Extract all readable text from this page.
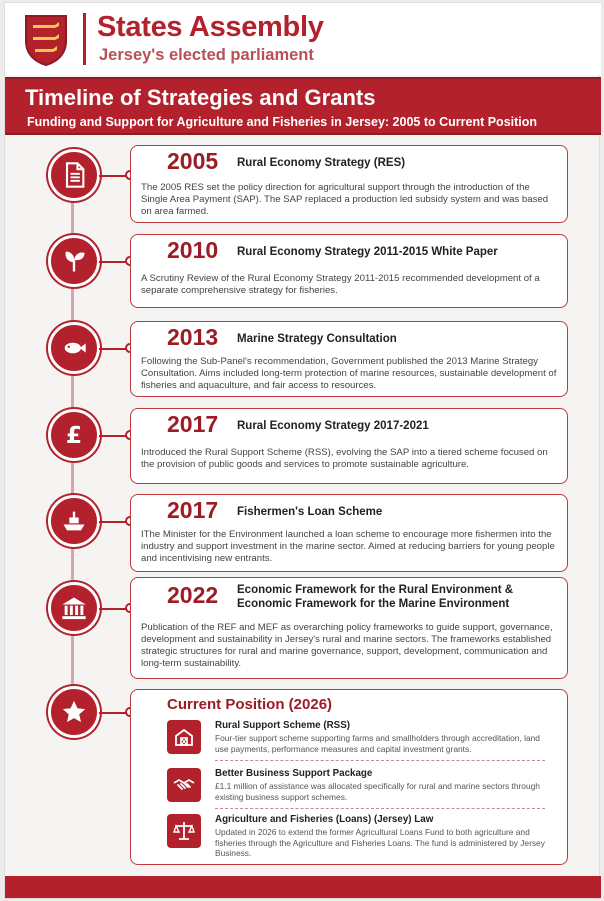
States Assembly
Jersey's elected parliament
Timeline of Strategies and Grants
Funding and Support for Agriculture and Fisheries in Jersey: 2005 to Current Position
2005 Rural Economy Strategy (RES)
The 2005 RES set the policy direction for agricultural support through the introduction of the Single Area Payment (SAP). The SAP replaced a production led subsidy system and was based on area farmed.
2010 Rural Economy Strategy 2011-2015 White Paper
A Scrutiny Review of the Rural Economy Strategy 2011-2015 recommended development of a separate comprehensive strategy for fisheries.
2013 Marine Strategy Consultation
Following the Sub-Panel's recommendation, Government published the 2013 Marine Strategy Consultation. Aims included long-term protection of marine resources, sustainable development of fisheries and aquaculture, and fair access to resources.
£	2017 Rural Economy Strategy 2017-2021
Introduced the Rural Support Scheme (RSS), evolving the SAP into a tiered scheme focused on the provision of public goods and services to promote sustainable agriculture.
2017 Fishermen's Loan Scheme
IThe Minister for the Environment launched a loan scheme to encourage more fishermen into the industry and support investment in the marine sector. Aimed at reducing barriers for young people and incentivising new entrants.
2022 Economic Framework for the Rural Environment & Economic Framework for the Marine Environment
Publication of the REF and MEF as overarching policy frameworks to guide support, governance, development and sustainability in Jersey's rural and marine sectors. The frameworks established strategic structures for rural and marine governance, support, development, communication and long-term sustainability.
Current Position (2026)
Rural Support Scheme (RSS)
Four-tier support scheme supporting farms and smallholders through accreditation, land use payments, performance measures and capital investment grants.
Better Business Support Package
£1.1 million of assistance was allocated specifically for rural and marine sectors through existing business support schemes.
Agriculture and Fisheries (Loans) (Jersey) Law
Updated in 2026 to extend the former Agricultural Loans Fund to both agriculture and fisheries through the Agriculture and Fisheries Loans. The fund is administered by Jersey Business.
